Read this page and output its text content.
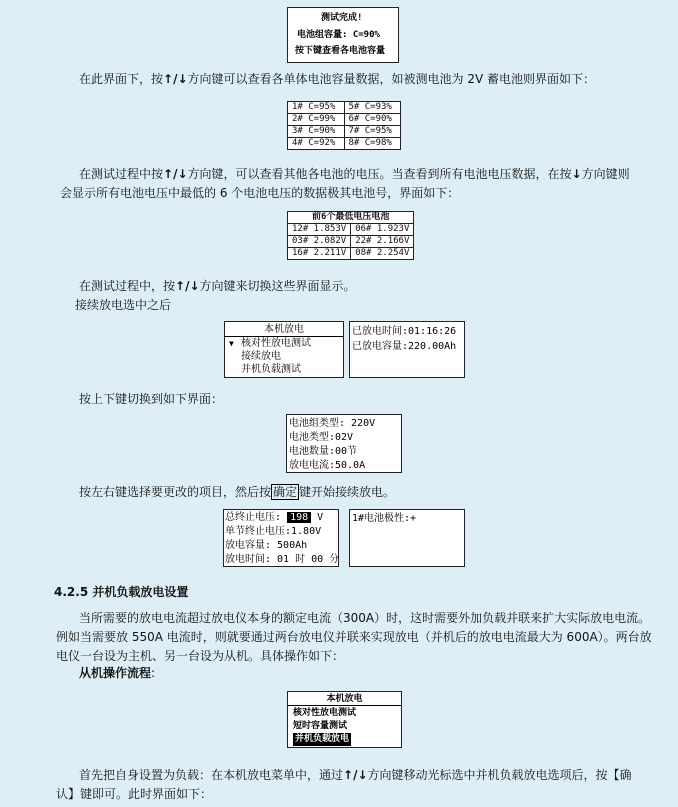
测试完成!
电池组容量: C=90%
按下键查看各电池容量
在此界面下，按↑/↓方向键可以查看各单体电池容量数据，如被测电池为 2V 蓄电池则界面如下：
1# C=95%	5# C=93%
2# C=99%	6# C=90%
3# C=90%	7# C=95%
4# C=92%	8# C=98%
在测试过程中按↑/↓方向键，可以查看其他各电池的电压。当查看到所有电池电压数据，在按↓方向键则
会显示所有电池电压中最低的 6 个电池电压的数据极其电池号，界面如下：
前6个最低电压电池	
12# 1.853V	06# 1.923V
03# 2.082V	22# 2.166V
16# 2.211V	08# 2.254V
在测试过程中，按↑/↓方向键来切换这些界面显示。
接续放电选中之后
本机放电
▼ 核对性放电测试
接续放电
并机负载测试
已放电时间:01:16:26
已放电容量:220.00Ah
按上下键切换到如下界面：
电池组类型: 220V
电池类型:02V
电池数量:00节
放电电流:50.0A
按左右键选择要更改的项目，然后按 确定 键开始接续放电。
总终止电压: 198 V
单节终止电压:1.80V
放电容量: 500Ah
放电时间: 01 时 00 分
1#电池极性:+
4.2.5 并机负载放电设置
当所需要的放电电流超过放电仪本身的额定电流（300A）时，这时需要外加负载并联来扩大实际放电电流。
例如当需要放 550A 电流时，则就要通过两台放电仪并联来实现放电（并机后的放电电流最大为 600A）。两台放
电仪一台设为主机、另一台设为从机。具体操作如下：
从机操作流程:
本机放电
核对性放电测试
短时容量测试
并机负载放电
首先把自身设置为负载：在本机放电菜单中，通过↑/↓方向键移动光标选中并机负载放电选项后，按【确
认】键即可。此时界面如下：
